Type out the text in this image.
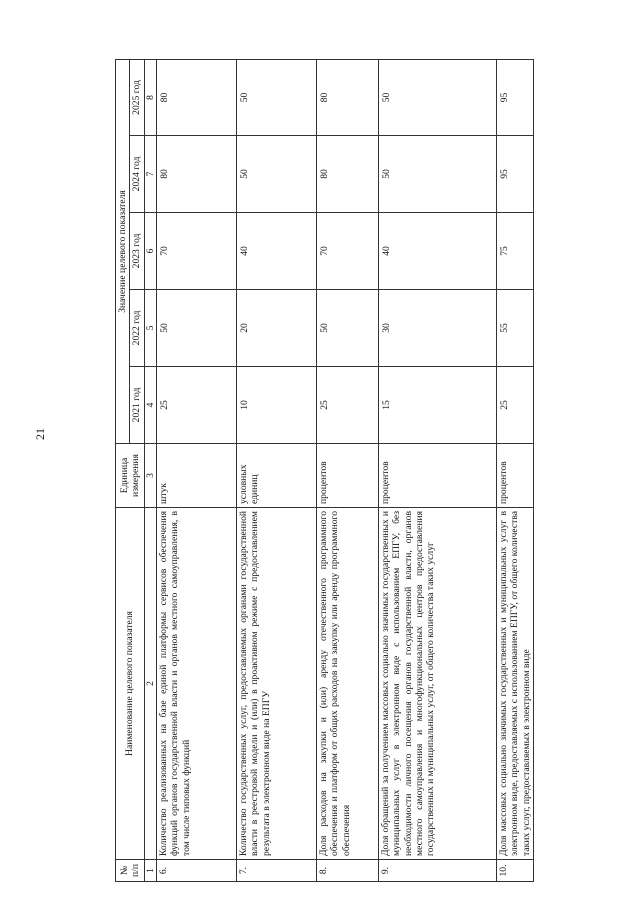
21
№ п/п	Наименование целевого показателя	Единица измерения	Значение целевого показателя				
			2021 год	2022 год	2023 год	2024 год	2025 год
1	2	3	4	5	6	7	8
6.	Количество реализованных на базе единой платформы сервисов обеспечения функций органов государственной власти и органов местного самоуправления, в том числе типовых функций	штук	25	50	70	80	80
7.	Количество государственных услуг, предоставляемых органами государственной власти в реестровой модели и (или) в проактивном режиме с предоставлением результата в электронном виде на ЕПГУ	условных единиц	10	20	40	50	50
8.	Доля расходов на закупки и (или) аренду отечественного программного обеспечения и платформ от общих расходов на закупку или аренду программного обеспечения	процентов	25	50	70	80	80
9.	Доля обращений за получением массовых социально значимых государственных и муниципальных услуг в электронном виде с использованием ЕПГУ, без необходимости личного посещения органов государственной власти, органов местного самоуправления и многофункциональных центров предоставления государственных и муниципальных услуг, от общего количества таких услуг	процентов	15	30	40	50	50
10.	Доля массовых социально значимых государственных и муниципальных услуг в электронном виде, предоставляемых с использованием ЕПГУ, от общего количества таких услуг, предоставляемых в электронном виде	процентов	25	55	75	95	95
